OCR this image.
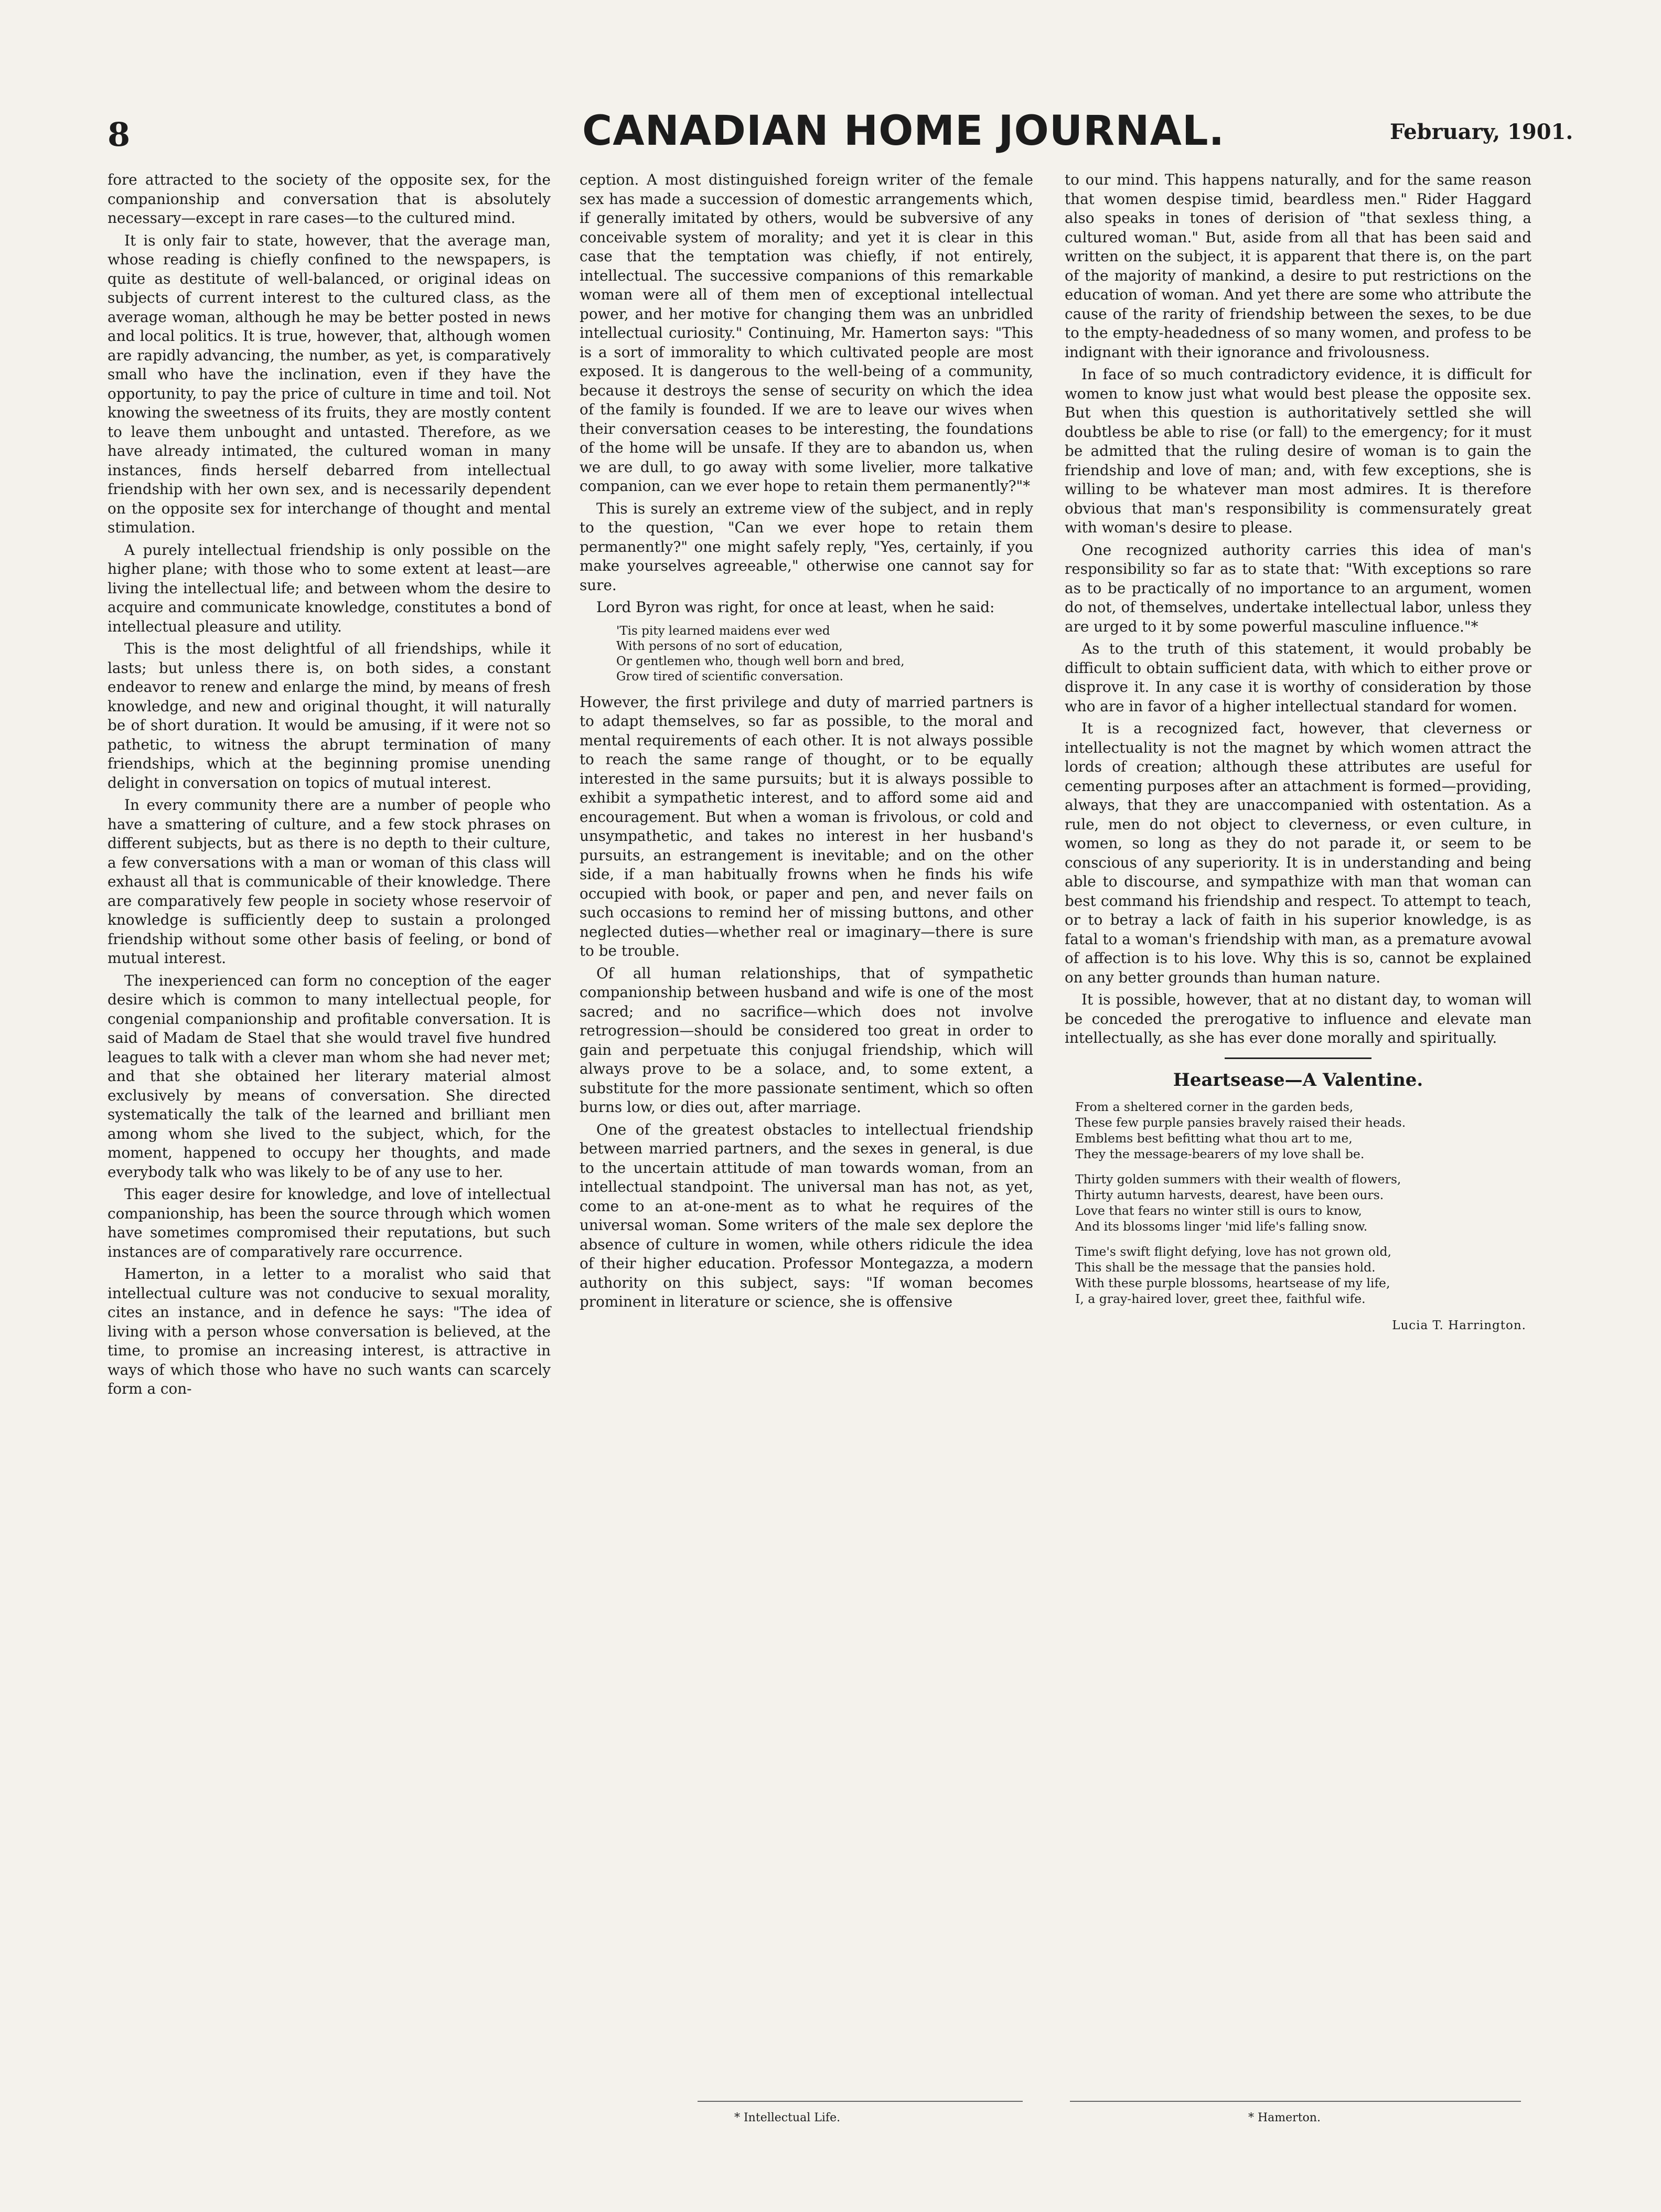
8	CANADIAN HOME JOURNAL.	February, 1901.

fore attracted to the society of the opposite sex, for the companionship and conversation that is absolutely necessary—except in rare cases—to the cultured mind.

It is only fair to state, however, that the average man, whose reading is chiefly confined to the newspapers, is quite as destitute of well-balanced, or original ideas on subjects of current interest to the cultured class, as the average woman, although he may be better posted in news and local politics. It is true, however, that, although women are rapidly advancing, the number, as yet, is comparatively small who have the inclination, even if they have the opportunity, to pay the price of culture in time and toil. Not knowing the sweetness of its fruits, they are mostly content to leave them unbought and untasted. Therefore, as we have already intimated, the cultured woman in many instances, finds herself debarred from intellectual friendship with her own sex, and is necessarily dependent on the opposite sex for interchange of thought and mental stimulation.

A purely intellectual friendship is only possible on the higher plane; with those who to some extent at least—are living the intellectual life; and between whom the desire to acquire and communicate knowledge, constitutes a bond of intellectual pleasure and utility.

This is the most delightful of all friendships, while it lasts; but unless there is, on both sides, a constant endeavor to renew and enlarge the mind, by means of fresh knowledge, and new and original thought, it will naturally be of short duration. It would be amusing, if it were not so pathetic, to witness the abrupt termination of many friendships, which at the beginning promise unending delight in conversation on topics of mutual interest.

In every community there are a number of people who have a smattering of culture, and a few stock phrases on different subjects, but as there is no depth to their culture, a few conversations with a man or woman of this class will exhaust all that is communicable of their knowledge. There are comparatively few people in society whose reservoir of knowledge is sufficiently deep to sustain a prolonged friendship without some other basis of feeling, or bond of mutual interest.

The inexperienced can form no conception of the eager desire which is common to many intellectual people, for congenial companionship and profitable conversation. It is said of Madam de Stael that she would travel five hundred leagues to talk with a clever man whom she had never met; and that she obtained her literary material almost exclusively by means of conversation. She directed systematically the talk of the learned and brilliant men among whom she lived to the subject, which, for the moment, happened to occupy her thoughts, and made everybody talk who was likely to be of any use to her.

This eager desire for knowledge, and love of intellectual companionship, has been the source through which women have sometimes compromised their reputations, but such instances are of comparatively rare occurrence.

Hamerton, in a letter to a moralist who said that intellectual culture was not conducive to sexual morality, cites an instance, and in defence he says: "The idea of living with a person whose conversation is believed, at the time, to promise an increasing interest, is attractive in ways of which those who have no such wants can scarcely form a con-

ception. A most distinguished foreign writer of the female sex has made a succession of domestic arrangements which, if generally imitated by others, would be subversive of any conceivable system of morality; and yet it is clear in this case that the temptation was chiefly, if not entirely, intellectual. The successive companions of this remarkable woman were all of them men of exceptional intellectual power, and her motive for changing them was an unbridled intellectual curiosity." Continuing, Mr. Hamerton says: "This is a sort of immorality to which cultivated people are most exposed. It is dangerous to the well-being of a community, because it destroys the sense of security on which the idea of the family is founded. If we are to leave our wives when their conversation ceases to be interesting, the foundations of the home will be unsafe. If they are to abandon us, when we are dull, to go away with some livelier, more talkative companion, can we ever hope to retain them permanently?"*

This is surely an extreme view of the subject, and in reply to the question, "Can we ever hope to retain them permanently?" one might safely reply, "Yes, certainly, if you make yourselves agreeable," otherwise one cannot say for sure.

Lord Byron was right, for once at least, when he said:

'Tis pity learned maidens ever wed
With persons of no sort of education,
Or gentlemen who, though well born and bred,
Grow tired of scientific conversation.

However, the first privilege and duty of married partners is to adapt themselves, so far as possible, to the moral and mental requirements of each other. It is not always possible to reach the same range of thought, or to be equally interested in the same pursuits; but it is always possible to exhibit a sympathetic interest, and to afford some aid and encouragement. But when a woman is frivolous, or cold and unsympathetic, and takes no interest in her husband's pursuits, an estrangement is inevitable; and on the other side, if a man habitually frowns when he finds his wife occupied with book, or paper and pen, and never fails on such occasions to remind her of missing buttons, and other neglected duties—whether real or imaginary—there is sure to be trouble.

Of all human relationships, that of sympathetic companionship between husband and wife is one of the most sacred; and no sacrifice—which does not involve retrogression—should be considered too great in order to gain and perpetuate this conjugal friendship, which will always prove to be a solace, and, to some extent, a substitute for the more passionate sentiment, which so often burns low, or dies out, after marriage.

One of the greatest obstacles to intellectual friendship between married partners, and the sexes in general, is due to the uncertain attitude of man towards woman, from an intellectual standpoint. The universal man has not, as yet, come to an at-one-ment as to what he requires of the universal woman. Some writers of the male sex deplore the absence of culture in women, while others ridicule the idea of their higher education. Professor Montegazza, a modern authority on this subject, says: "If woman becomes prominent in literature or science, she is offensive

to our mind. This happens naturally, and for the same reason that women despise timid, beardless men." Rider Haggard also speaks in tones of derision of "that sexless thing, a cultured woman." But, aside from all that has been said and written on the subject, it is apparent that there is, on the part of the majority of mankind, a desire to put restrictions on the education of woman. And yet there are some who attribute the cause of the rarity of friendship between the sexes, to be due to the empty-headedness of so many women, and profess to be indignant with their ignorance and frivolousness.

In face of so much contradictory evidence, it is difficult for women to know just what would best please the opposite sex. But when this question is authoritatively settled she will doubtless be able to rise (or fall) to the emergency; for it must be admitted that the ruling desire of woman is to gain the friendship and love of man; and, with few exceptions, she is willing to be whatever man most admires. It is therefore obvious that man's responsibility is commensurately great with woman's desire to please.

One recognized authority carries this idea of man's responsibility so far as to state that: "With exceptions so rare as to be practically of no importance to an argument, women do not, of themselves, undertake intellectual labor, unless they are urged to it by some powerful masculine influence."*

As to the truth of this statement, it would probably be difficult to obtain sufficient data, with which to either prove or disprove it. In any case it is worthy of consideration by those who are in favor of a higher intellectual standard for women.

It is a recognized fact, however, that cleverness or intellectuality is not the magnet by which women attract the lords of creation; although these attributes are useful for cementing purposes after an attachment is formed—providing, always, that they are unaccompanied with ostentation. As a rule, men do not object to cleverness, or even culture, in women, so long as they do not parade it, or seem to be conscious of any superiority. It is in understanding and being able to discourse, and sympathize with man that woman can best command his friendship and respect. To attempt to teach, or to betray a lack of faith in his superior knowledge, is as fatal to a woman's friendship with man, as a premature avowal of affection is to his love. Why this is so, cannot be explained on any better grounds than human nature.

It is possible, however, that at no distant day, to woman will be conceded the prerogative to influence and elevate man intellectually, as she has ever done morally and spiritually.

Heartsease—A Valentine.
From a sheltered corner in the garden beds,
These few purple pansies bravely raised their heads.
Emblems best befitting what thou art to me,
They the message-bearers of my love shall be.
Thirty golden summers with their wealth of flowers,
Thirty autumn harvests, dearest, have been ours.
Love that fears no winter still is ours to know,
And its blossoms linger 'mid life's falling snow.
Time's swift flight defying, love has not grown old,
This shall be the message that the pansies hold.
With these purple blossoms, heartsease of my life,
I, a gray-haired lover, greet thee, faithful wife.
Lucia T. Harrington.
* Intellectual Life.	* Hamerton.
